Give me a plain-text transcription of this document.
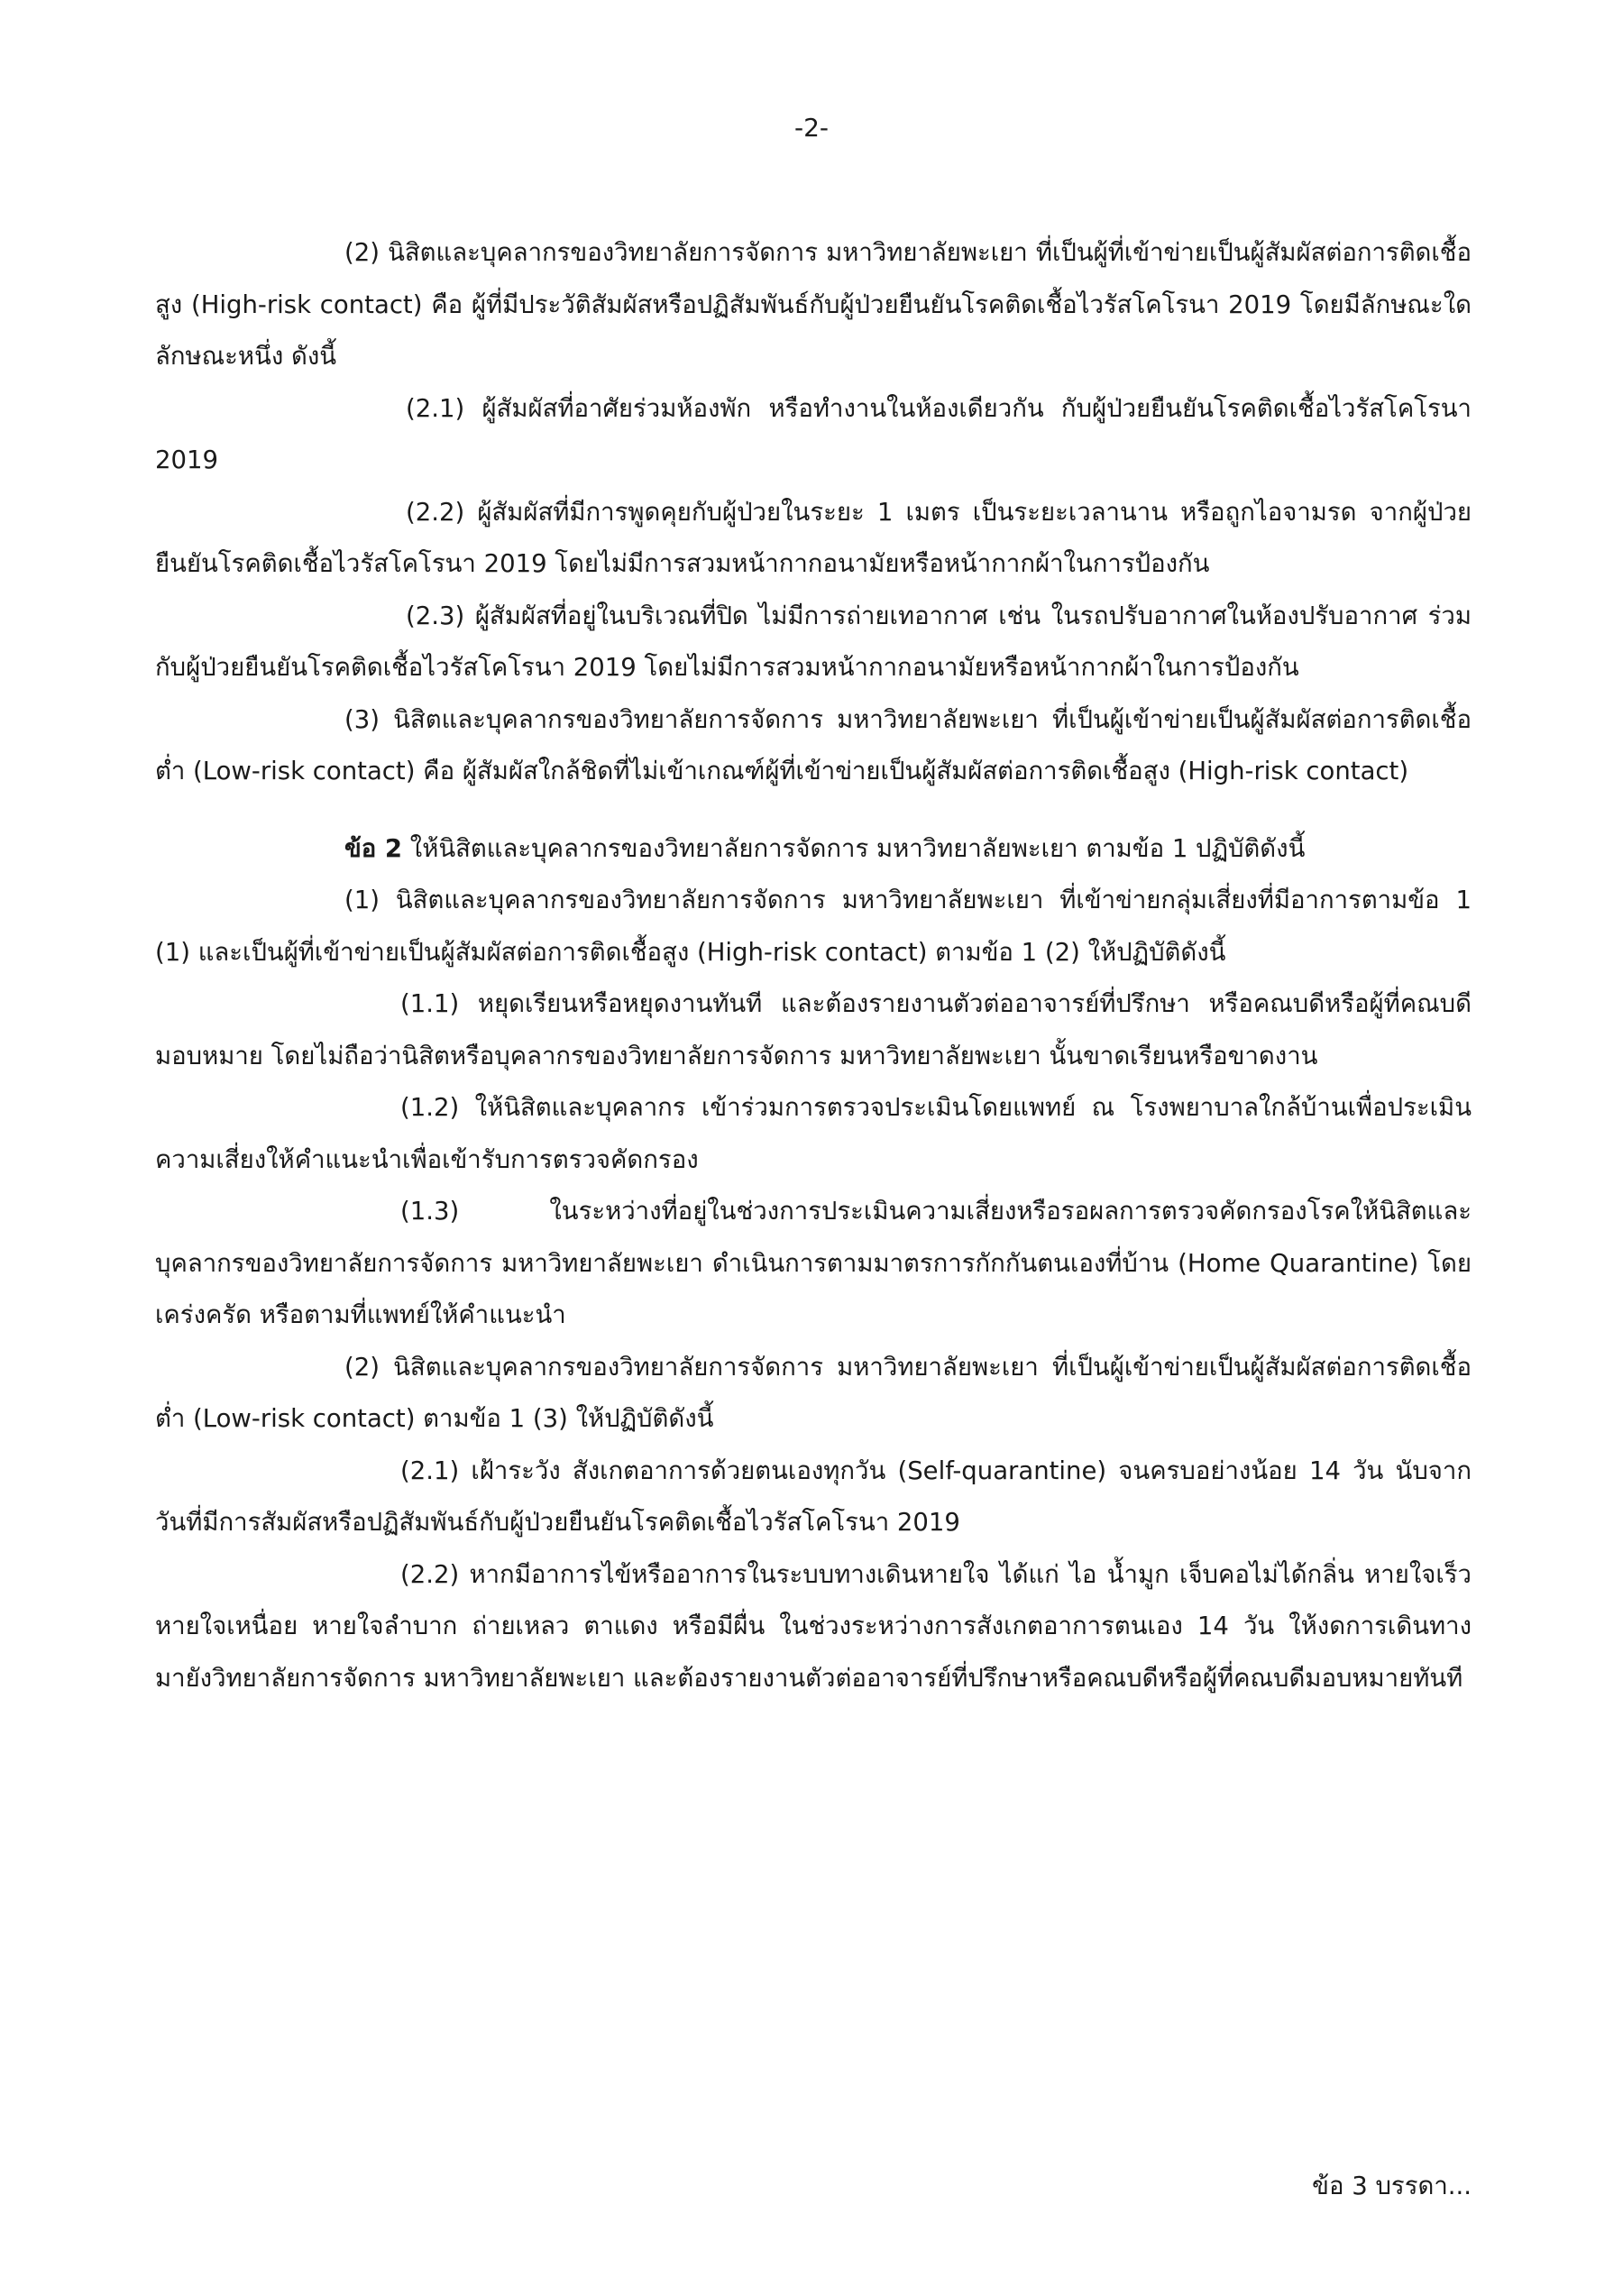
-2-

(2) นิสิตและบุคลากรของวิทยาลัยการจัดการ มหาวิทยาลัยพะเยา ที่เป็นผู้ที่เข้าข่ายเป็นผู้สัมผัสต่อการติดเชื้อสูง (High-risk contact) คือ ผู้ที่มีประวัติสัมผัสหรือปฏิสัมพันธ์กับผู้ป่วยยืนยันโรคติดเชื้อไวรัสโคโรนา 2019 โดยมีลักษณะใดลักษณะหนึ่ง ดังนี้

(2.1) ผู้สัมผัสที่อาศัยร่วมห้องพัก หรือทำงานในห้องเดียวกัน กับผู้ป่วยยืนยันโรคติดเชื้อไวรัสโคโรนา 2019

(2.2) ผู้สัมผัสที่มีการพูดคุยกับผู้ป่วยในระยะ 1 เมตร เป็นระยะเวลานาน หรือถูกไอจามรด จากผู้ป่วยยืนยันโรคติดเชื้อไวรัสโคโรนา 2019 โดยไม่มีการสวมหน้ากากอนามัยหรือหน้ากากผ้าในการป้องกัน

(2.3) ผู้สัมผัสที่อยู่ในบริเวณที่ปิด ไม่มีการถ่ายเทอากาศ เช่น ในรถปรับอากาศในห้องปรับอากาศ ร่วมกับผู้ป่วยยืนยันโรคติดเชื้อไวรัสโคโรนา 2019 โดยไม่มีการสวมหน้ากากอนามัยหรือหน้ากากผ้าในการป้องกัน

(3) นิสิตและบุคลากรของวิทยาลัยการจัดการ มหาวิทยาลัยพะเยา ที่เป็นผู้เข้าข่ายเป็นผู้สัมผัสต่อการติดเชื้อต่ำ (Low-risk contact) คือ ผู้สัมผัสใกล้ชิดที่ไม่เข้าเกณฑ์ผู้ที่เข้าข่ายเป็นผู้สัมผัสต่อการติดเชื้อสูง (High-risk contact)

ข้อ 2 ให้นิสิตและบุคลากรของวิทยาลัยการจัดการ มหาวิทยาลัยพะเยา ตามข้อ 1 ปฏิบัติดังนี้

(1) นิสิตและบุคลากรของวิทยาลัยการจัดการ มหาวิทยาลัยพะเยา ที่เข้าข่ายกลุ่มเสี่ยงที่มีอาการตามข้อ 1 (1) และเป็นผู้ที่เข้าข่ายเป็นผู้สัมผัสต่อการติดเชื้อสูง (High-risk contact) ตามข้อ 1 (2) ให้ปฏิบัติดังนี้

(1.1) หยุดเรียนหรือหยุดงานทันที และต้องรายงานตัวต่ออาจารย์ที่ปรึกษา หรือคณบดีหรือผู้ที่คณบดีมอบหมาย โดยไม่ถือว่านิสิตหรือบุคลากรของวิทยาลัยการจัดการ มหาวิทยาลัยพะเยา นั้นขาดเรียนหรือขาดงาน

(1.2) ให้นิสิตและบุคลากร เข้าร่วมการตรวจประเมินโดยแพทย์ ณ โรงพยาบาลใกล้บ้านเพื่อประเมินความเสี่ยงให้คำแนะนำเพื่อเข้ารับการตรวจคัดกรอง

(1.3) ในระหว่างที่อยู่ในช่วงการประเมินความเสี่ยงหรือรอผลการตรวจคัดกรองโรคให้นิสิตและบุคลากรของวิทยาลัยการจัดการ มหาวิทยาลัยพะเยา ดำเนินการตามมาตรการกักกันตนเองที่บ้าน (Home Quarantine) โดยเคร่งครัด หรือตามที่แพทย์ให้คำแนะนำ

(2) นิสิตและบุคลากรของวิทยาลัยการจัดการ มหาวิทยาลัยพะเยา ที่เป็นผู้เข้าข่ายเป็นผู้สัมผัสต่อการติดเชื้อต่ำ (Low-risk contact) ตามข้อ 1 (3) ให้ปฏิบัติดังนี้

(2.1) เฝ้าระวัง สังเกตอาการด้วยตนเองทุกวัน (Self-quarantine) จนครบอย่างน้อย 14 วัน นับจากวันที่มีการสัมผัสหรือปฏิสัมพันธ์กับผู้ป่วยยืนยันโรคติดเชื้อไวรัสโคโรนา 2019

(2.2) หากมีอาการไข้หรืออาการในระบบทางเดินหายใจ ได้แก่ ไอ น้ำมูก เจ็บคอไม่ได้กลิ่น หายใจเร็ว หายใจเหนื่อย หายใจลำบาก ถ่ายเหลว ตาแดง หรือมีผื่น ในช่วงระหว่างการสังเกตอาการตนเอง 14 วัน ให้งดการเดินทางมายังวิทยาลัยการจัดการ มหาวิทยาลัยพะเยา และต้องรายงานตัวต่ออาจารย์ที่ปรึกษาหรือคณบดีหรือผู้ที่คณบดีมอบหมายทันที

ข้อ 3 บรรดา...
